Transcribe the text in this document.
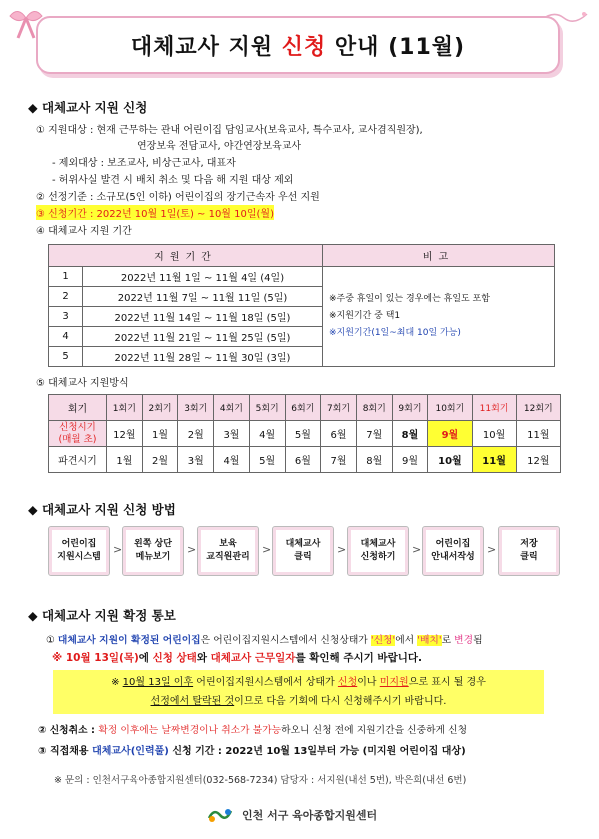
대체교사 지원 신청 안내 (11월)
◆ 대체교사 지원 신청
① 지원대상 : 현재 근무하는 관내 어린이집 담임교사(보육교사, 특수교사, 교사겸직원장),
연장보육 전담교사, 야간연장보육교사
- 제외대상 : 보조교사, 비상근교사, 대표자
- 허위사실 발견 시 배치 취소 및 다음 해 지원 대상 제외
② 선정기준 : 소규모(5인 이하) 어린이집의 장기근속자 우선 지원
③ 신청기간 : 2022년 10월 1일(토) ~ 10월 10일(월)
④ 대체교사 지원 기간
지원기간		비고
1	2022년 11월 1일 ~ 11월 4일 (4일)	※주중 휴일이 있는 경우에는 휴일도 포함
※지원기간 중 택1
※지원기간(1일~최대 10일 가능)

2	2022년 11월 7일 ~ 11월 11일 (5일)	
3	2022년 11월 14일 ~ 11월 18일 (5일)	
4	2022년 11월 21일 ~ 11월 25일 (5일)	
5	2022년 11월 28일 ~ 11월 30일 (3일)	
⑤ 대체교사 지원방식
회기	1회기	2회기	3회기	4회기	5회기	6회기	7회기	8회기	9회기	10회기	11회기	12회기

신청시기
(매월 초)	12월	1월	2월	3월	4월	5월	6월	7월	8월	9월	10월	11월
파견시기	1월	2월	3월	4월	5월	6월	7월	8월	9월	10월	11월	12월
◆ 대체교사 지원 신청 방법
어린이집
지원시스템
> 왼쪽 상단
메뉴보기
>	보육
교직원관리
> 대체교사
클릭
> 대체교사
신청하기
>	어린이집
안내서작성
>	저장
클릭
◆ 대체교사 지원 확정 통보
① 대체교사 지원이 확정된 어린이집은 어린이집지원시스템에서 신청상태가 '신청'에서 '배치'로 변경됨
※ 10월 13일(목)에 신청 상태와 대체교사 근무일자를 확인해 주시기 바랍니다.
※ 10월 13일 이후 어린이집지원시스템에서 상태가 신청이나 미지원으로 표시 될 경우
선정에서 탈락된 것이므로 다음 기회에 다시 신청해주시기 바랍니다.
② 신청취소 : 확정 이후에는 날짜변경이나 취소가 불가능하오니 신청 전에 지원기간을 신중하게 신청
③ 직접채용 대체교사(인력풀) 신청 기간 : 2022년 10월 13일부터 가능 (미지원 어린이집 대상)
※ 문의 : 인천서구육아종합지원센터(032-568-7234) 담당자 : 서지원(내선 5번), 박은희(내선 6번)
인천 서구 육아종합지원센터
